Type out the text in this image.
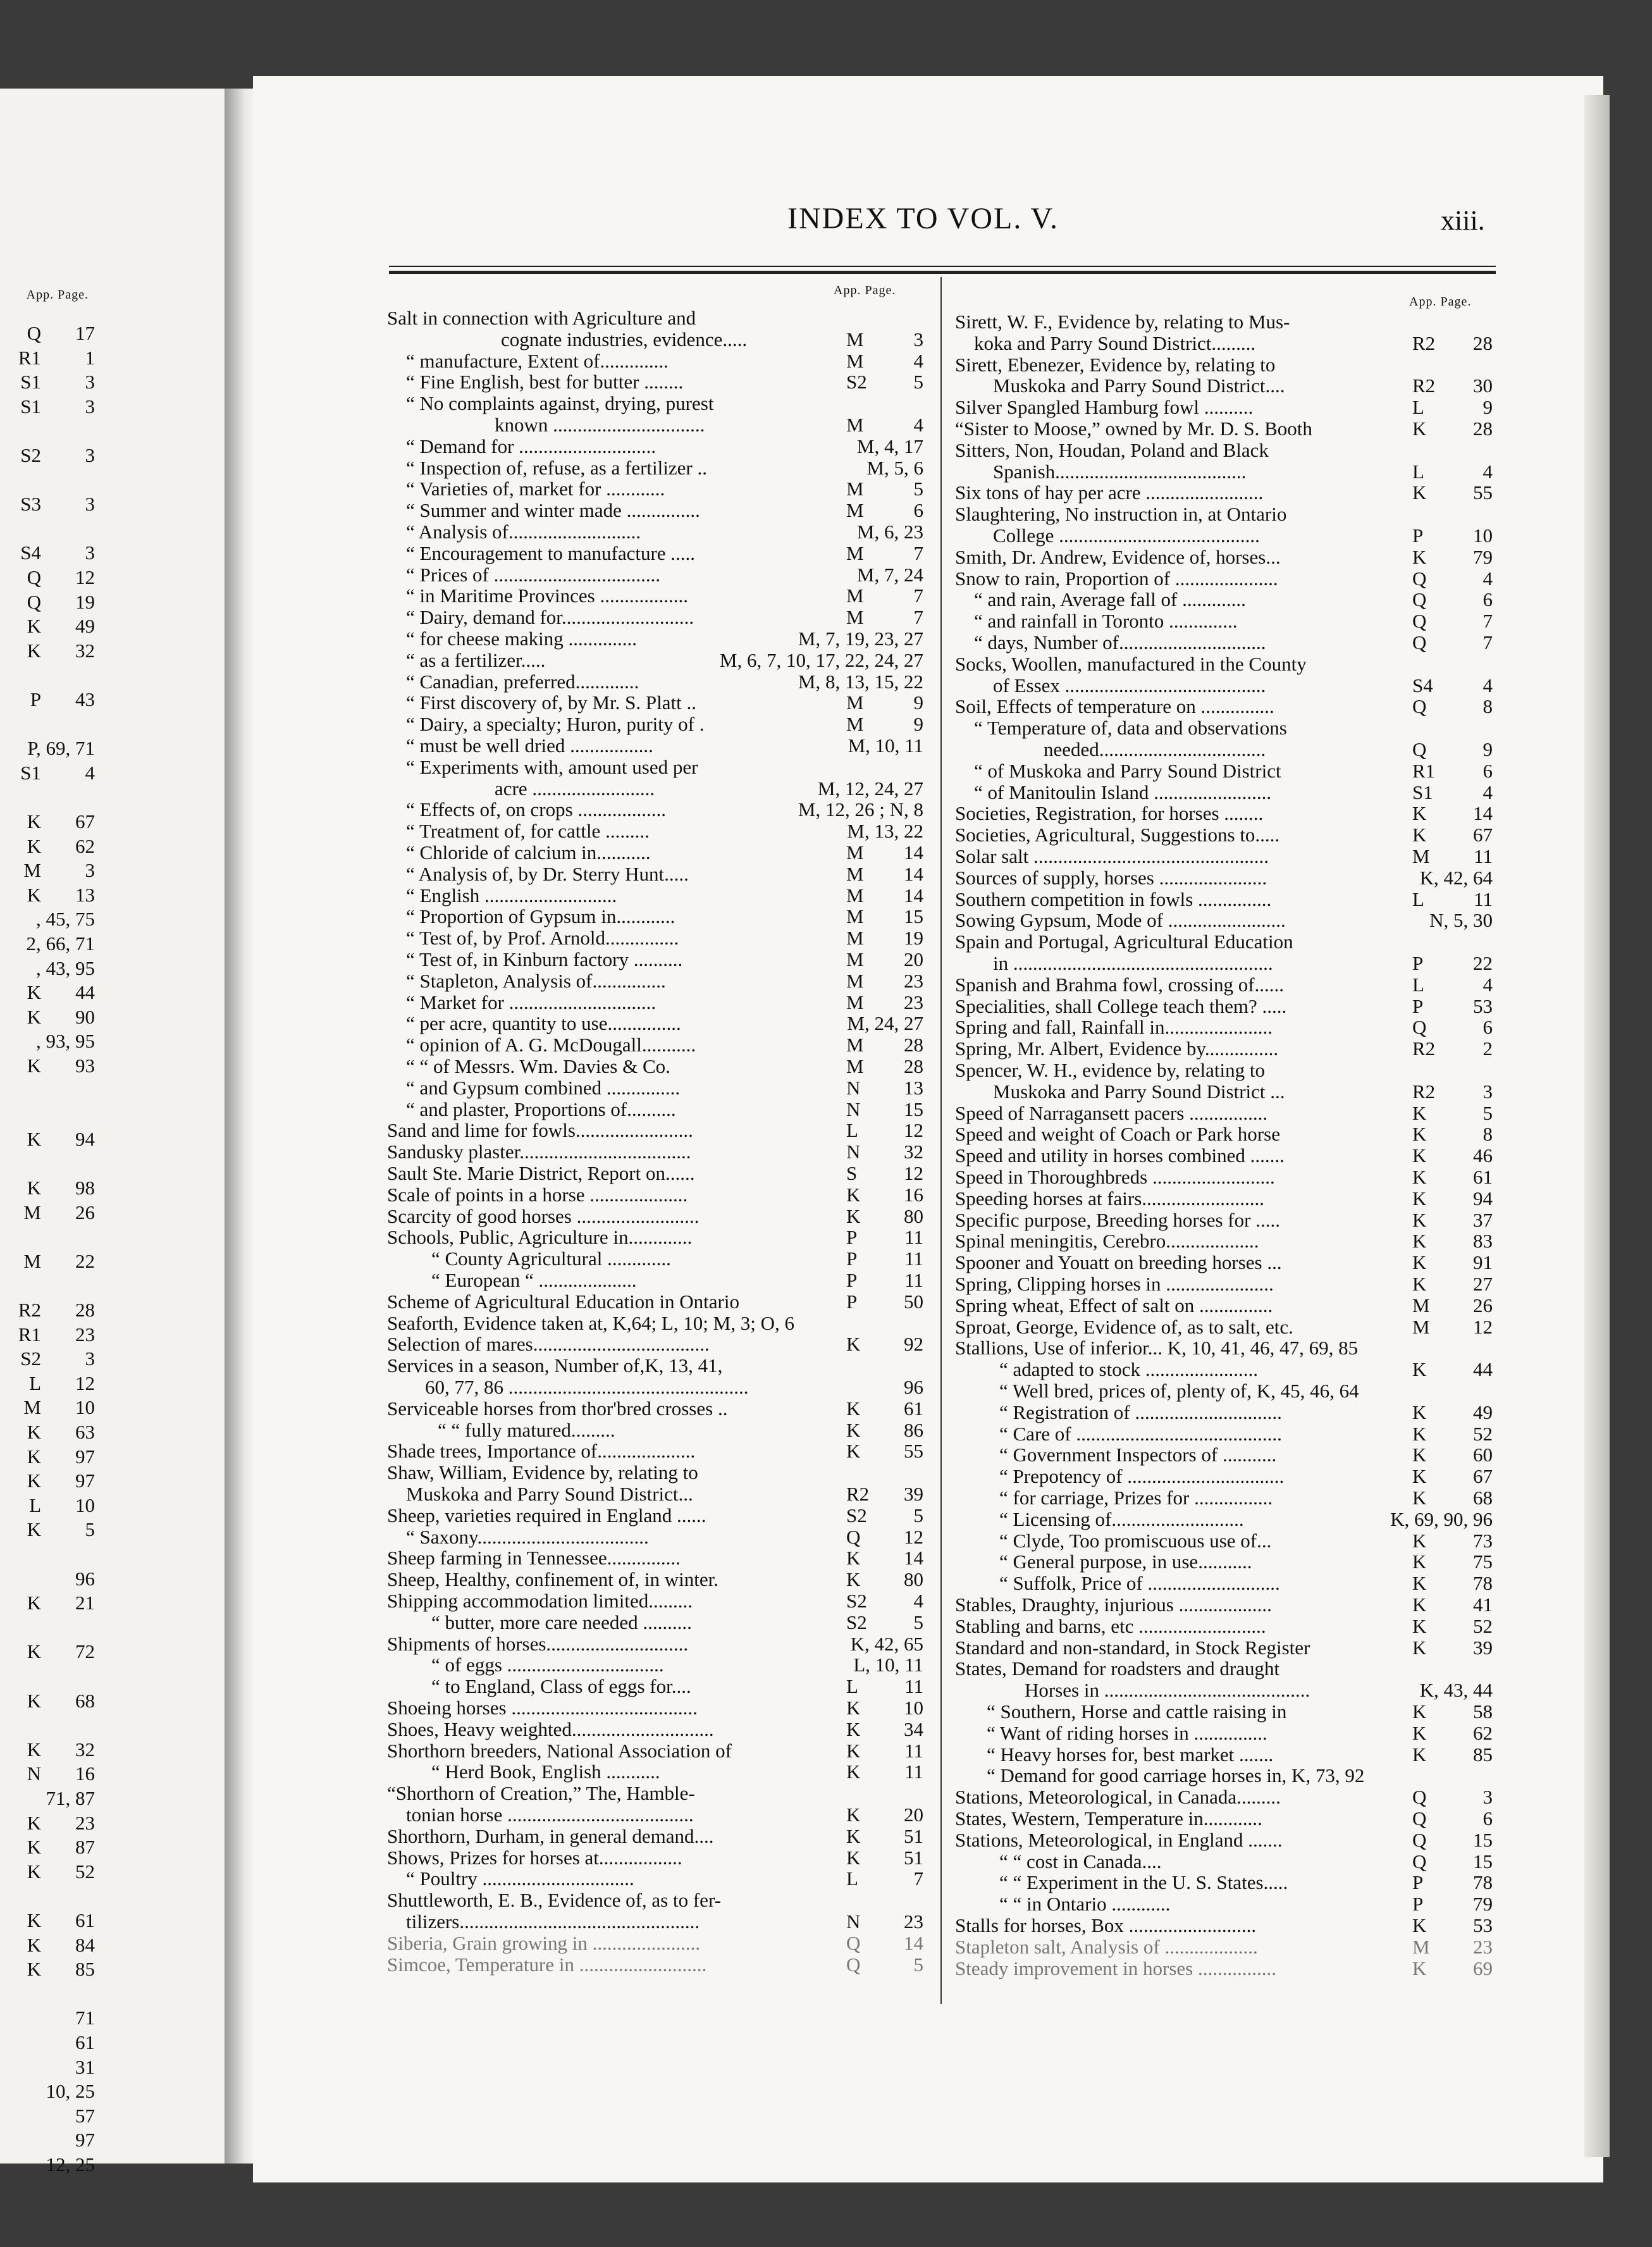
App. Page.
Q 17
R1 1
S1 3
S1 3
S2 3
S3 3
S4 3
Q 12
Q 19
K 49
K 32
P 43
P, 69, 71
S1 4
K 67
K 62
M 3
K 13
, 45, 75
2, 66, 71
, 43, 95
K 44
K 90
, 93, 95
K 93
K 94
K 98
M 26
M 22
R2 28
R1 23
S2 3
L 12
M 10
K 63
K 97
K 97
L 10
K 5
96
K 21
K 72
K 68
K 32
N 16
71, 87
K 23
K 87
K 52
K 61
K 84
K 85
71
61
31
10, 25
57
97
12, 25
INDEX TO VOL. V.	xiii.
App. Page.
App. Page.
Salt in connection with Agriculture and
cognate industries, evidence.....	M	3
“ manufacture, Extent of..............	M	4
“ Fine English, best for butter ........	S2 5
“ No complaints against, drying, purest
known ...............................	M	4
“ Demand for ............................	M, 4, 17
“ Inspection of, refuse, as a fertilizer ..	M, 5, 6
“ Varieties of, market for ............	M	5
“ Summer and winter made ...............	M	6
“ Analysis of...........................	M, 6, 23
“ Encouragement to manufacture .....	M	7
“ Prices of ..................................	M, 7, 24
“ in Maritime Provinces ..................	M	7
“ Dairy, demand for...........................	M	7
“ for cheese making ..............	M, 7, 19, 23, 27
“ as a fertilizer.....	M, 6, 7, 10, 17, 22, 24, 27
“ Canadian, preferred.............	M, 8, 13, 15, 22
“ First discovery of, by Mr. S. Platt ..	M	9
“ Dairy, a specialty; Huron, purity of .	M	9
“ must be well dried .................	M, 10, 11
“ Experiments with, amount used per
acre .........................	M, 12, 24, 27
“ Effects of, on crops ..................	M, 12, 26 ; N, 8
“ Treatment of, for cattle .........	M, 13, 22
“ Chloride of calcium in...........	M 14
“ Analysis of, by Dr. Sterry Hunt.....	M 14
“ English ...........................	M 14
“ Proportion of Gypsum in............	M 15
“ Test of, by Prof. Arnold...............	M 19
“ Test of, in Kinburn factory ..........	M 20
“ Stapleton, Analysis of...............	M 23
“ Market for ..............................	M 23
“ per acre, quantity to use...............	M, 24, 27
“ opinion of A. G. McDougall...........	M 28
“ “ of Messrs. Wm. Davies & Co.	M 28
“ and Gypsum combined ...............	N 13
“ and plaster, Proportions of..........	N 15
Sand and lime for fowls........................	L 12
Sandusky plaster...................................	N 32
Sault Ste. Marie District, Report on......	S 12
Scale of points in a horse ....................	K 16
Scarcity of good horses .........................	K 80
Schools, Public, Agriculture in.............	P 11
“ County Agricultural .............	P 11
“ European “ ....................	P 11
Scheme of Agricultural Education in Ontario	P 50
Seaforth, Evidence taken at, K,64; L, 10; M, 3; O, 6
Selection of mares....................................	K 92
Services in a season, Number of,K, 13, 41,
60, 77, 86 .................................................	96
Serviceable horses from thor'bred crosses ..	K 61
“ “ fully matured.........	K 86
Shade trees, Importance of....................	K 55
Shaw, William, Evidence by, relating to
Muskoka and Parry Sound District...	R2 39
Sheep, varieties required in England ......	S2 5
“ Saxony...................................	Q 12
Sheep farming in Tennessee...............	K 14
Sheep, Healthy, confinement of, in winter.	K 80
Shipping accommodation limited.........	S2 4
“ butter, more care needed ..........	S2 5
Shipments of horses.............................	K, 42, 65
“ of eggs ................................	L, 10, 11
“ to England, Class of eggs for....	L 11
Shoeing horses ......................................	K 10
Shoes, Heavy weighted.............................	K 34
Shorthorn breeders, National Association of	K 11
“ Herd Book, English ...........	K 11
“Shorthorn of Creation,” The, Hamble-
tonian horse ......................................	K 20
Shorthorn, Durham, in general demand....	K 51
Shows, Prizes for horses at.................	K 51
“ Poultry ...............................	L	7
Shuttleworth, E. B., Evidence of, as to fer-
tilizers.................................................	N 23
Siberia, Grain growing in ......................	Q 14
Simcoe, Temperature in ..........................	Q	5
Sirett, W. F., Evidence by, relating to Mus-
koka and Parry Sound District.........	R2 28
Sirett, Ebenezer, Evidence by, relating to
Muskoka and Parry Sound District....	R2 30
Silver Spangled Hamburg fowl ..........	L	9
“Sister to Moose,” owned by Mr. D. S. Booth	K 28
Sitters, Non, Houdan, Poland and Black
Spanish.......................................	L	4
Six tons of hay per acre ........................	K 55
Slaughtering, No instruction in, at Ontario
College .........................................	P	10
Smith, Dr. Andrew, Evidence of, horses...	K 79
Snow to rain, Proportion of .....................	Q	4
“ and rain, Average fall of .............	Q	6
“ and rainfall in Toronto ..............	Q	7
“ days, Number of..............................	Q	7
Socks, Woollen, manufactured in the County
of Essex .........................................	S4	4
Soil, Effects of temperature on ...............	Q	8
“ Temperature of, data and observations
needed..................................	Q	9
“ of Muskoka and Parry Sound District	R1 6
“ of Manitoulin Island ........................	S1	4
Societies, Registration, for horses ........	K 14
Societies, Agricultural, Suggestions to.....	K 67
Solar salt ................................................	M 11
Sources of supply, horses ......................	K, 42, 64
Southern competition in fowls ...............	L	11
Sowing Gypsum, Mode of ........................	N, 5, 30
Spain and Portugal, Agricultural Education
in .....................................................	P	22
Spanish and Brahma fowl, crossing of......	L	4
Specialities, shall College teach them? .....	P	53
Spring and fall, Rainfall in......................	Q	6
Spring, Mr. Albert, Evidence by...............	R2 2
Spencer, W. H., evidence by, relating to
Muskoka and Parry Sound District ...	R2 3
Speed of Narragansett pacers ................	K	5
Speed and weight of Coach or Park horse	K	8
Speed and utility in horses combined .......	K 46
Speed in Thoroughbreds .........................	K 61
Speeding horses at fairs.........................	K 94
Specific purpose, Breeding horses for .....	K 37
Spinal meningitis, Cerebro...................	K 83
Spooner and Youatt on breeding horses ...	K 91
Spring, Clipping horses in ......................	K 27
Spring wheat, Effect of salt on ...............	M 26
Sproat, George, Evidence of, as to salt, etc.	M 12
Stallions, Use of inferior... K, 10, 41, 46, 47, 69, 85
“ adapted to stock .......................	K 44
“ Well bred, prices of, plenty of, K, 45, 46, 64
“ Registration of ..............................	K 49
“ Care of ..........................................	K 52
“ Government Inspectors of ...........	K 60
“ Prepotency of ................................	K 67
“ for carriage, Prizes for ................	K 68
“ Licensing of...........................	K, 69, 90, 96
“ Clyde, Too promiscuous use of...	K 73
“ General purpose, in use...........	K 75
“ Suffolk, Price of ...........................	K 78
Stables, Draughty, injurious ...................	K 41
Stabling and barns, etc ..........................	K 52
Standard and non-standard, in Stock Register	K 39
States, Demand for roadsters and draught
Horses in ..........................................	K, 43, 44
“ Southern, Horse and cattle raising in	K 58
“ Want of riding horses in ...............	K 62
“ Heavy horses for, best market .......	K 85
“ Demand for good carriage horses in, K, 73, 92
Stations, Meteorological, in Canada.........	Q	3
States, Western, Temperature in............	Q	6
Stations, Meteorological, in England .......	Q 15
“ “ cost in Canada....	Q 15
“ “ Experiment in the U. S. States.....	P	78
“ “ in Ontario ............	P	79
Stalls for horses, Box ..........................	K 53
Stapleton salt, Analysis of ...................	M 23
Steady improvement in horses ................	K 69
